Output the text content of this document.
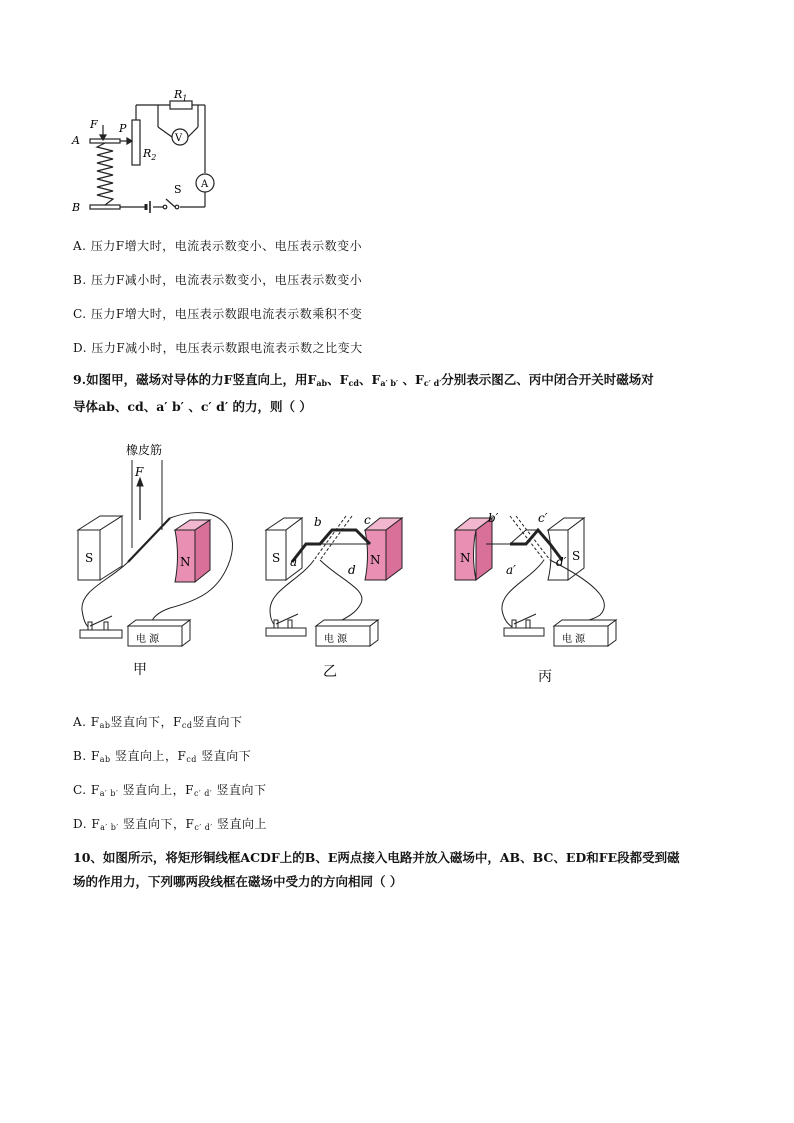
A
B
F P
$R_1$
$R_2$
V
A
S
A. 压力F增大时，电流表示数变小、电压表示数变小
B. 压力F减小时，电流表示数变小，电压表示数变小
C. 压力F增大时，电压表示数跟电流表示数乘积不变
D. 压力F减小时，电压表示数跟电流表示数之比变大
9.如图甲，磁场对导体的力F竖直向上，用$F_{ab}$、$F_{cd}$、$F_{a' b'}$ 、$F_{c' d'}$分别表示图乙、丙中闭合开关时磁场对
导体ab、cd、a′ b′ 、c′ d′ 的力，则（ ）
橡皮筋
F
S	N
电 源
S	N
b	c
a
d
电 源
N	S
b′	c′
a′
d′
电 源
甲	乙	丙
A. $F_{ab}$竖直向下，$F_{cd}$竖直向下
B. $F_{ab}$ 竖直向上，$F_{cd}$ 竖直向下
C. $F_{a' b'}$ 竖直向上，$F_{c' d'}$ 竖直向下
D. $F_{a' b'}$ 竖直向下，$F_{c' d'}$ 竖直向上
10、如图所示，将矩形铜线框ACDF上的B、E两点接入电路并放入磁场中，AB、BC、ED和FE段都受到磁
场的作用力，下列哪两段线框在磁场中受力的方向相同（ ）
